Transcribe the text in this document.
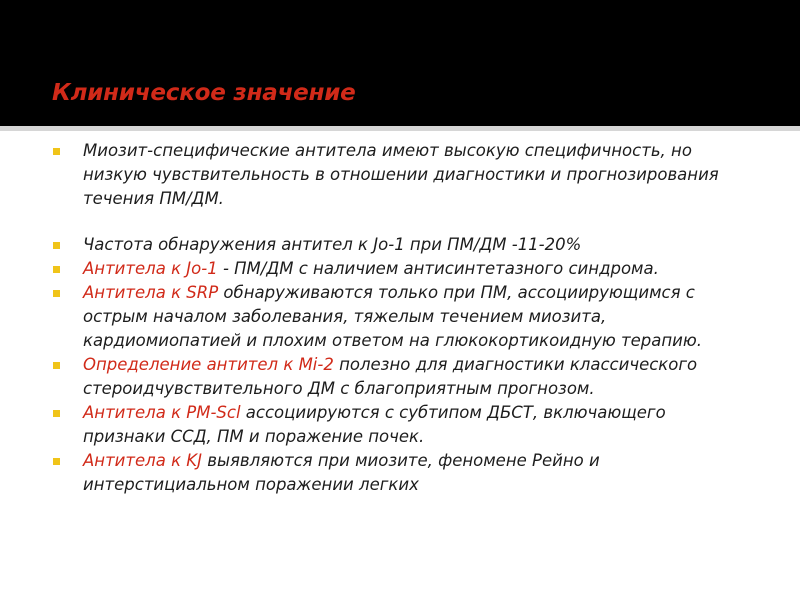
Клиническое значение
Миозит-специфические антитела имеют высокую специфичность, но низкую чувствительность в отношении диагностики и прогнозирования течения ПМ/ДМ.
Частота обнаружения антител к Jo-1 при ПМ/ДМ -11-20%
Антитела к Jo-1 - ПМ/ДМ с наличием антисинтетазного синдрома.
Антитела к SRP обнаруживаются только при ПМ, ассоциирующимся с острым началом заболевания, тяжелым течением миозита, кардиомиопатией и плохим ответом на глюкокортикоидную терапию.
Определение антител к Mi-2 полезно для диагностики классического стероидчувствительного ДМ с благоприятным прогнозом.
Антитела к PM-Scl ассоциируются с субтипом ДБСТ, включающего признаки ССД, ПМ и поражение почек.
Антитела к KJ выявляются при миозите, феномене Рейно и интерстициальном поражении легких
